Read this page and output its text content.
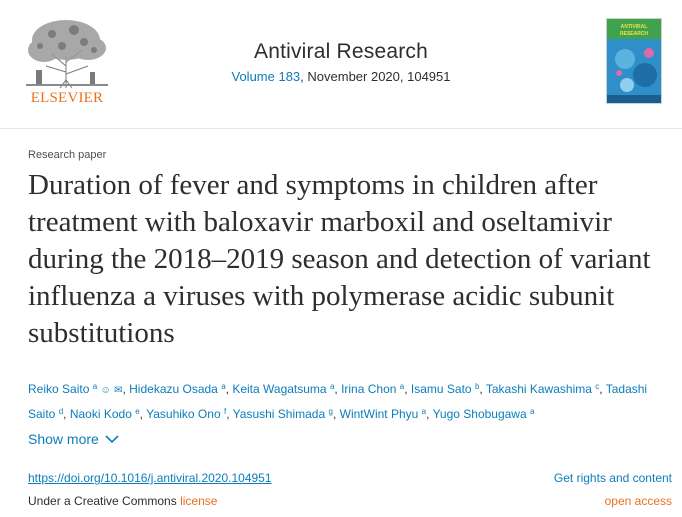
ELSEVIER
Antiviral Research
Volume 183, November 2020, 104951
ANTIVIRAL
RESEARCH
Research paper
Duration of fever and symptoms in children after treatment with baloxavir marboxil and oseltamivir during the 2018–2019 season and detection of variant influenza a viruses with polymerase acidic subunit substitutions
Reiko Saito $^a$ ☺ ✉, Hidekazu Osada $^a$, Keita Wagatsuma $^a$, Irina Chon $^a$, Isamu Sato $^b$, Takashi Kawashima $^c$, Tadashi Saito $^d$, Naoki Kodo $^e$, Yasuhiko Ono $^f$, Yasushi Shimada $^g$, WintWint Phyu $^a$, Yugo Shobugawa $^a$
Show more
https://doi.org/10.1016/j.antiviral.2020.104951	Get rights and content
Under a Creative Commons license	open access
